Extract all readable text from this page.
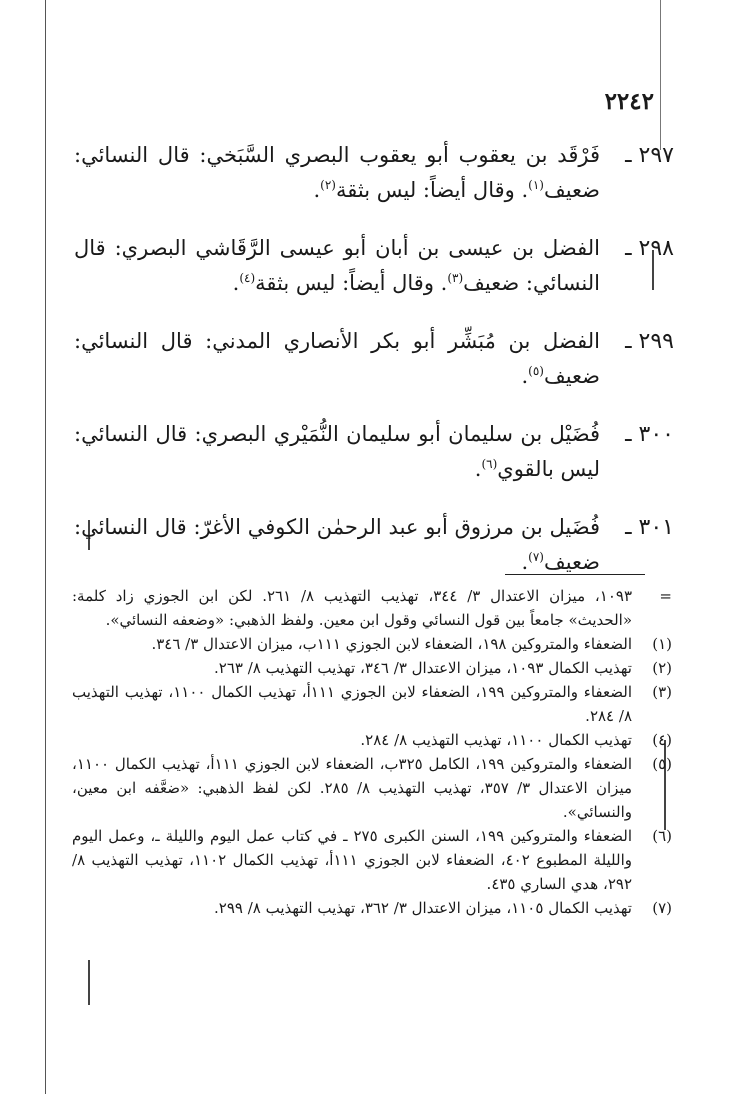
٢٢٤٢
٢٩٧ ـ
فَرْقَد بن يعقوب أبو يعقوب البصري السَّبَخي: قال النسائي: ضعيف$^{(١)}$. وقال أيضاً: ليس بثقة$^{(٢)}$.
٢٩٨ ـ
الفضل بن عيسى بن أبان أبو عيسى الرَّقَاشي البصري: قال النسائي: ضعيف$^{(٣)}$. وقال أيضاً: ليس بثقة$^{(٤)}$.
٢٩٩ ـ
الفضل بن مُبَشِّر أبو بكر الأنصاري المدني: قال النسائي: ضعيف$^{(٥)}$.
٣٠٠ ـ
فُضَيْل بن سليمان أبو سليمان النُّمَيْري البصري: قال النسائي: ليس بالقوي$^{(٦)}$.
٣٠١ ـ
فُضَيل بن مرزوق أبو عبد الرحمٰن الكوفي الأغرّ: قال النسائي: ضعيف$^{(٧)}$.
=
١٠٩٣، ميزان الاعتدال ٣/ ٣٤٤، تهذيب التهذيب ٨/ ٢٦١. لكن ابن الجوزي زاد كلمة: «الحديث» جامعاً بين قول النسائي وقول ابن معين. ولفظ الذهبي: «وضعفه النسائي».
(١)
الضعفاء والمتروكين ١٩٨، الضعفاء لابن الجوزي ١١١ب، ميزان الاعتدال ٣/ ٣٤٦.
(٢)
تهذيب الكمال ١٠٩٣، ميزان الاعتدال ٣/ ٣٤٦، تهذيب التهذيب ٨/ ٢٦٣.
(٣)
الضعفاء والمتروكين ١٩٩، الضعفاء لابن الجوزي ١١١أ، تهذيب الكمال ١١٠٠، تهذيب التهذيب ٨/ ٢٨٤.
(٤)
تهذيب الكمال ١١٠٠، تهذيب التهذيب ٨/ ٢٨٤.
(٥)
الضعفاء والمتروكين ١٩٩، الكامل ٣٢٥ب، الضعفاء لابن الجوزي ١١١أ، تهذيب الكمال ١١٠٠، ميزان الاعتدال ٣/ ٣٥٧، تهذيب التهذيب ٨/ ٢٨٥. لكن لفظ الذهبي: «ضعَّفه ابن معين، والنسائي».
(٦)
الضعفاء والمتروكين ١٩٩، السنن الكبرى ٢٧٥ ـ في كتاب عمل اليوم والليلة ـ، وعمل اليوم والليلة المطبوع ٤٠٢، الضعفاء لابن الجوزي ١١١أ، تهذيب الكمال ١١٠٢، تهذيب التهذيب ٨/ ٢٩٢، هدي الساري ٤٣٥.
(٧)
تهذيب الكمال ١١٠٥، ميزان الاعتدال ٣/ ٣٦٢، تهذيب التهذيب ٨/ ٢٩٩.
